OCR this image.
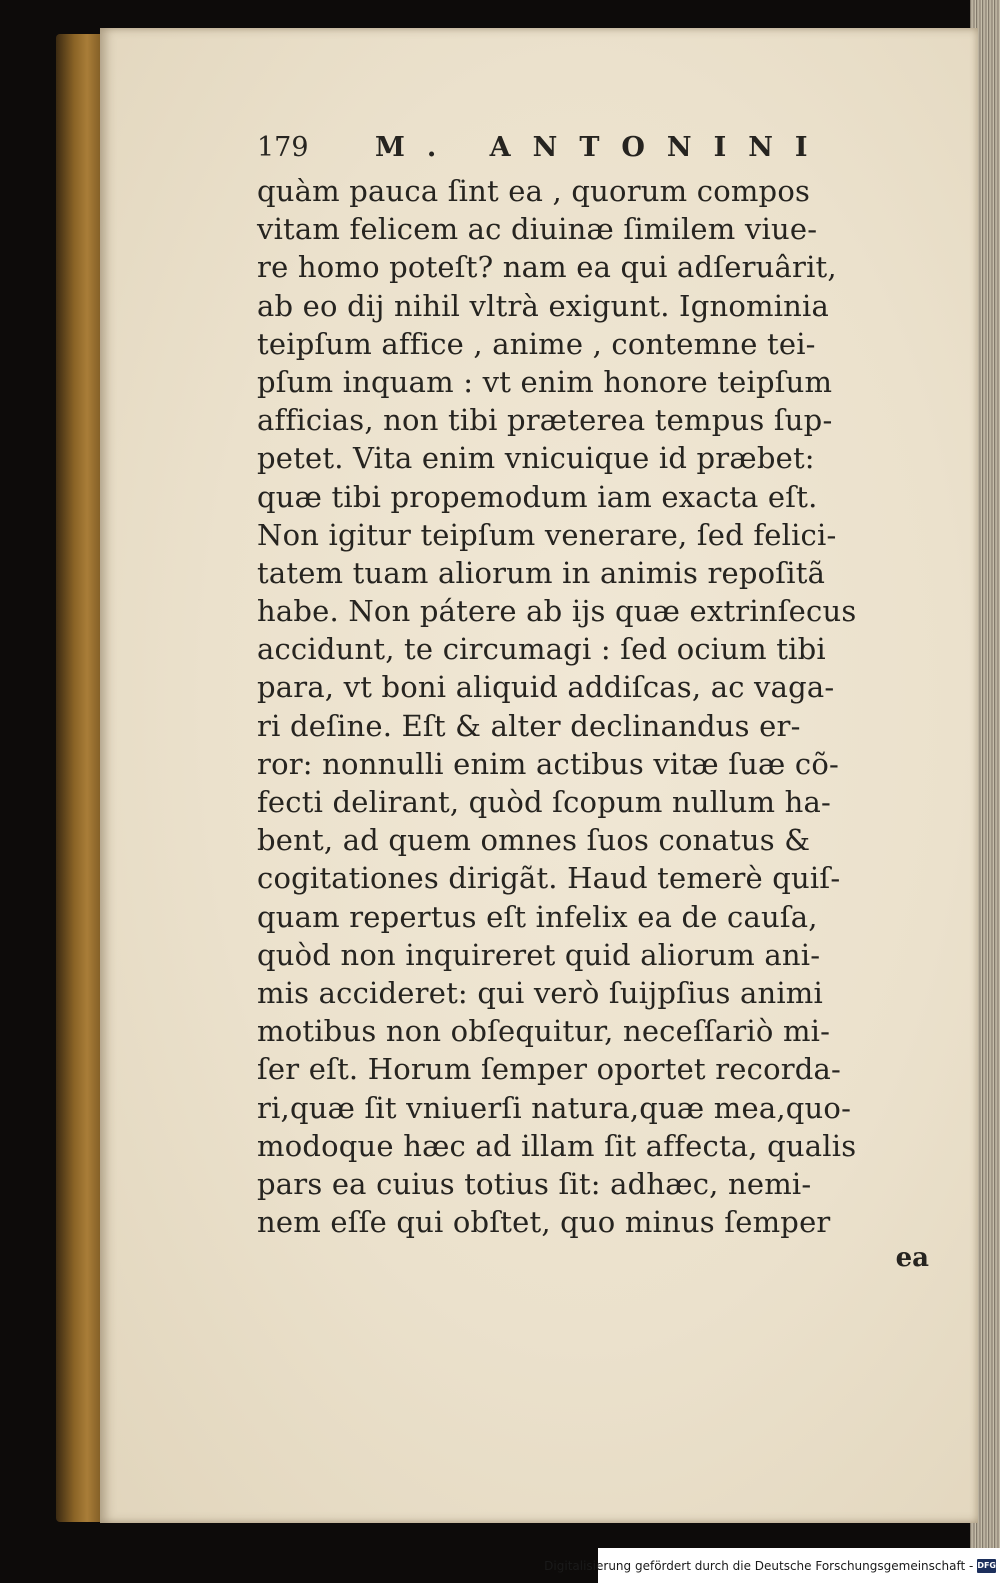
179 M. ANTONINI
quàm pauca ſint ea , quorum compos
vitam felicem ac diuinæ ſimilem viue-
re homo poteſt? nam ea qui adſeruârit,
ab eo dij nihil vltrà exigunt. Ignominia
teipſum affice , anime , contemne tei-
pſum inquam : vt enim honore teipſum
afficias, non tibi præterea tempus ſup-
petet. Vita enim vnicuique id præbet:
quæ tibi propemodum iam exacta eſt.
Non igitur teipſum venerare, ſed felici-
tatem tuam aliorum in animis repoſitã
habe. Non pátere ab ijs quæ extrinſecus
accidunt, te circumagi : ſed ocium tibi
para, vt boni aliquid addiſcas, ac vaga-
ri deſine. Eſt & alter declinandus er-
ror: nonnulli enim actibus vitæ ſuæ cõ-
fecti delirant, quòd ſcopum nullum ha-
bent, ad quem omnes ſuos conatus &
cogitationes dirigãt. Haud temerè quiſ-
quam repertus eſt infelix ea de cauſa,
quòd non inquireret quid aliorum ani-
mis accideret: qui verò ſuijpſius animi
motibus non obſequitur, neceſſariò mi-
ſer eſt. Horum ſemper oportet recorda-
ri,quæ ſit vniuerſi natura,quæ mea,quo-
modoque hæc ad illam ſit affecta, qualis
pars ea cuius totius ſit: adhæc, nemi-
nem eſſe qui obſtet, quo minus ſemper
ea
Digitalisierung gefördert durch die Deutsche Forschungsgemeinschaft - DFG
